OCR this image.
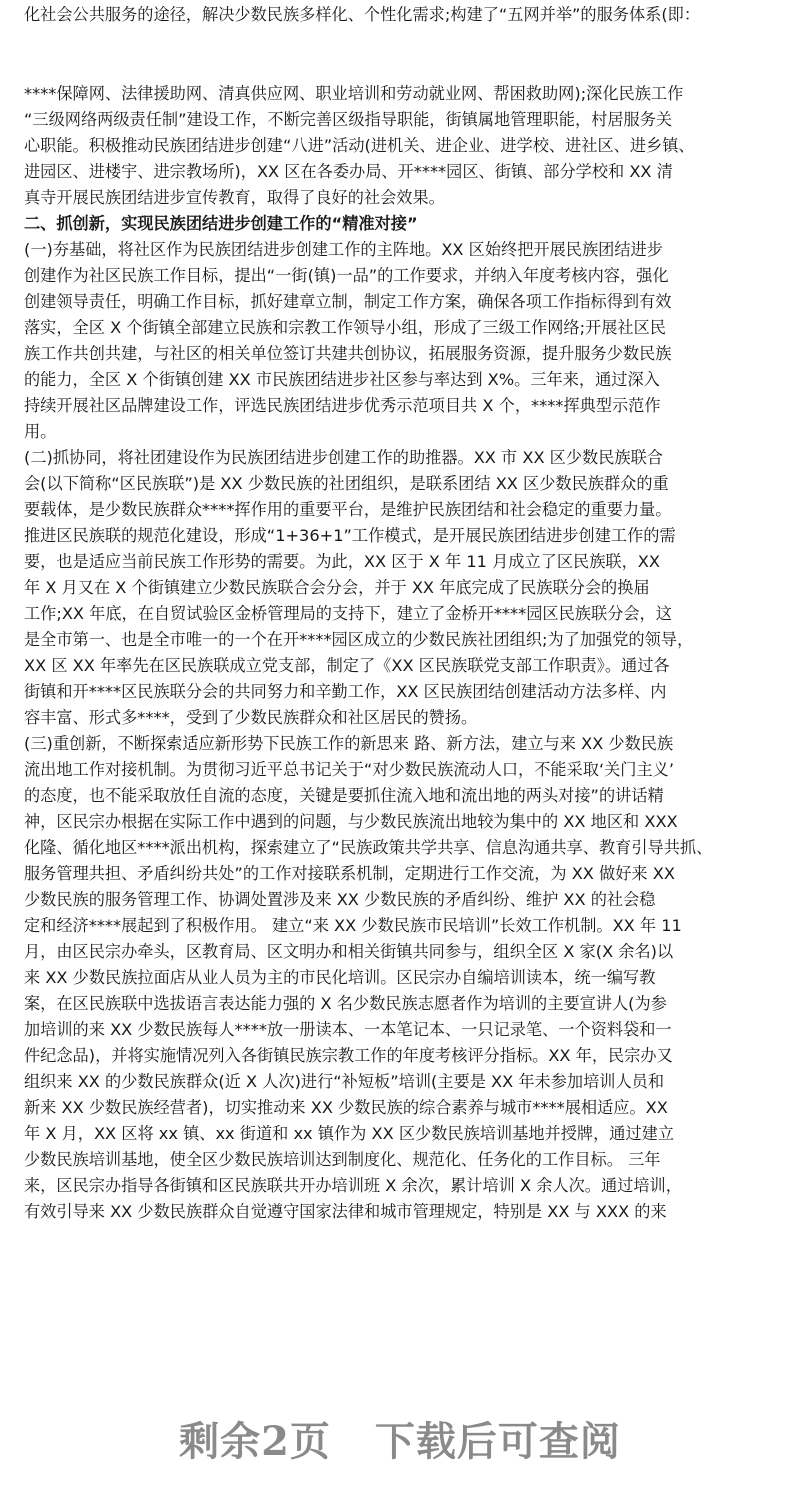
化社会公共服务的途径，解决少数民族多样化、个性化需求;构建了“五网并举”的服务体系(即：
****保障网、法律援助网、清真供应网、职业培训和劳动就业网、帮困救助网);深化民族工作
“三级网络两级责任制”建设工作，不断完善区级指导职能，街镇属地管理职能，村居服务关
心职能。积极推动民族团结进步创建“八进”活动(进机关、进企业、进学校、进社区、进乡镇、
进园区、进楼宇、进宗教场所)，XX 区在各委办局、开****园区、街镇、部分学校和 XX 清
真寺开展民族团结进步宣传教育，取得了良好的社会效果。
二、抓创新，实现民族团结进步创建工作的“精准对接”
(一)夯基础，将社区作为民族团结进步创建工作的主阵地。XX 区始终把开展民族团结进步
创建作为社区民族工作目标，提出“一街(镇)一品”的工作要求，并纳入年度考核内容，强化
创建领导责任，明确工作目标，抓好建章立制，制定工作方案，确保各项工作指标得到有效
落实，全区 X 个街镇全部建立民族和宗教工作领导小组，形成了三级工作网络;开展社区民
族工作共创共建，与社区的相关单位签订共建共创协议，拓展服务资源，提升服务少数民族
的能力，全区 X 个街镇创建 XX 市民族团结进步社区参与率达到 X%。三年来，通过深入
持续开展社区品牌建设工作，评选民族团结进步优秀示范项目共 X 个，****挥典型示范作
用。
(二)抓协同，将社团建设作为民族团结进步创建工作的助推器。XX 市 XX 区少数民族联合
会(以下简称“区民族联”)是 XX 少数民族的社团组织，是联系团结 XX 区少数民族群众的重
要载体，是少数民族群众****挥作用的重要平台，是维护民族团结和社会稳定的重要力量。
推进区民族联的规范化建设，形成“1+36+1”工作模式，是开展民族团结进步创建工作的需
要，也是适应当前民族工作形势的需要。为此，XX 区于 X 年 11 月成立了区民族联，XX
年 X 月又在 X 个街镇建立少数民族联合会分会，并于 XX 年底完成了民族联分会的换届
工作;XX 年底，在自贸试验区金桥管理局的支持下，建立了金桥开****园区民族联分会，这
是全市第一、也是全市唯一的一个在开****园区成立的少数民族社团组织;为了加强党的领导，
XX 区 XX 年率先在区民族联成立党支部，制定了《XX 区民族联党支部工作职责》。通过各
街镇和开****区民族联分会的共同努力和辛勤工作，XX 区民族团结创建活动方法多样、内
容丰富、形式多****，受到了少数民族群众和社区居民的赞扬。
(三)重创新，不断探索适应新形势下民族工作的新思来 路、新方法，建立与来 XX 少数民族
流出地工作对接机制。为贯彻习近平总书记关于“对少数民族流动人口，不能采取‘关门主义’
的态度，也不能采取放任自流的态度，关键是要抓住流入地和流出地的两头对接”的讲话精
神，区民宗办根据在实际工作中遇到的问题，与少数民族流出地较为集中的 XX 地区和 XXX
化隆、循化地区****派出机构，探索建立了“民族政策共学共享、信息沟通共享、教育引导共抓、
服务管理共担、矛盾纠纷共处”的工作对接联系机制，定期进行工作交流，为 XX 做好来 XX
少数民族的服务管理工作、协调处置涉及来 XX 少数民族的矛盾纠纷、维护 XX 的社会稳
定和经济****展起到了积极作用。 建立“来 XX 少数民族市民培训”长效工作机制。XX 年 11
月，由区民宗办牵头，区教育局、区文明办和相关街镇共同参与，组织全区 X 家(X 余名)以
来 XX 少数民族拉面店从业人员为主的市民化培训。区民宗办自编培训读本，统一编写教
案，在区民族联中选拔语言表达能力强的 X 名少数民族志愿者作为培训的主要宣讲人(为参
加培训的来 XX 少数民族每人****放一册读本、一本笔记本、一只记录笔、一个资料袋和一
件纪念品)，并将实施情况列入各街镇民族宗教工作的年度考核评分指标。XX 年，民宗办又
组织来 XX 的少数民族群众(近 X 人次)进行“补短板”培训(主要是 XX 年未参加培训人员和
新来 XX 少数民族经营者)，切实推动来 XX 少数民族的综合素养与城市****展相适应。XX
年 X 月，XX 区将 xx 镇、xx 街道和 xx 镇作为 XX 区少数民族培训基地并授牌，通过建立
少数民族培训基地，使全区少数民族培训达到制度化、规范化、任务化的工作目标。 三年
来，区民宗办指导各街镇和区民族联共开办培训班 X 余次，累计培训 X 余人次。通过培训，
有效引导来 XX 少数民族群众自觉遵守国家法律和城市管理规定，特别是 XX 与 XXX 的来
剩余2页 下载后可查阅
